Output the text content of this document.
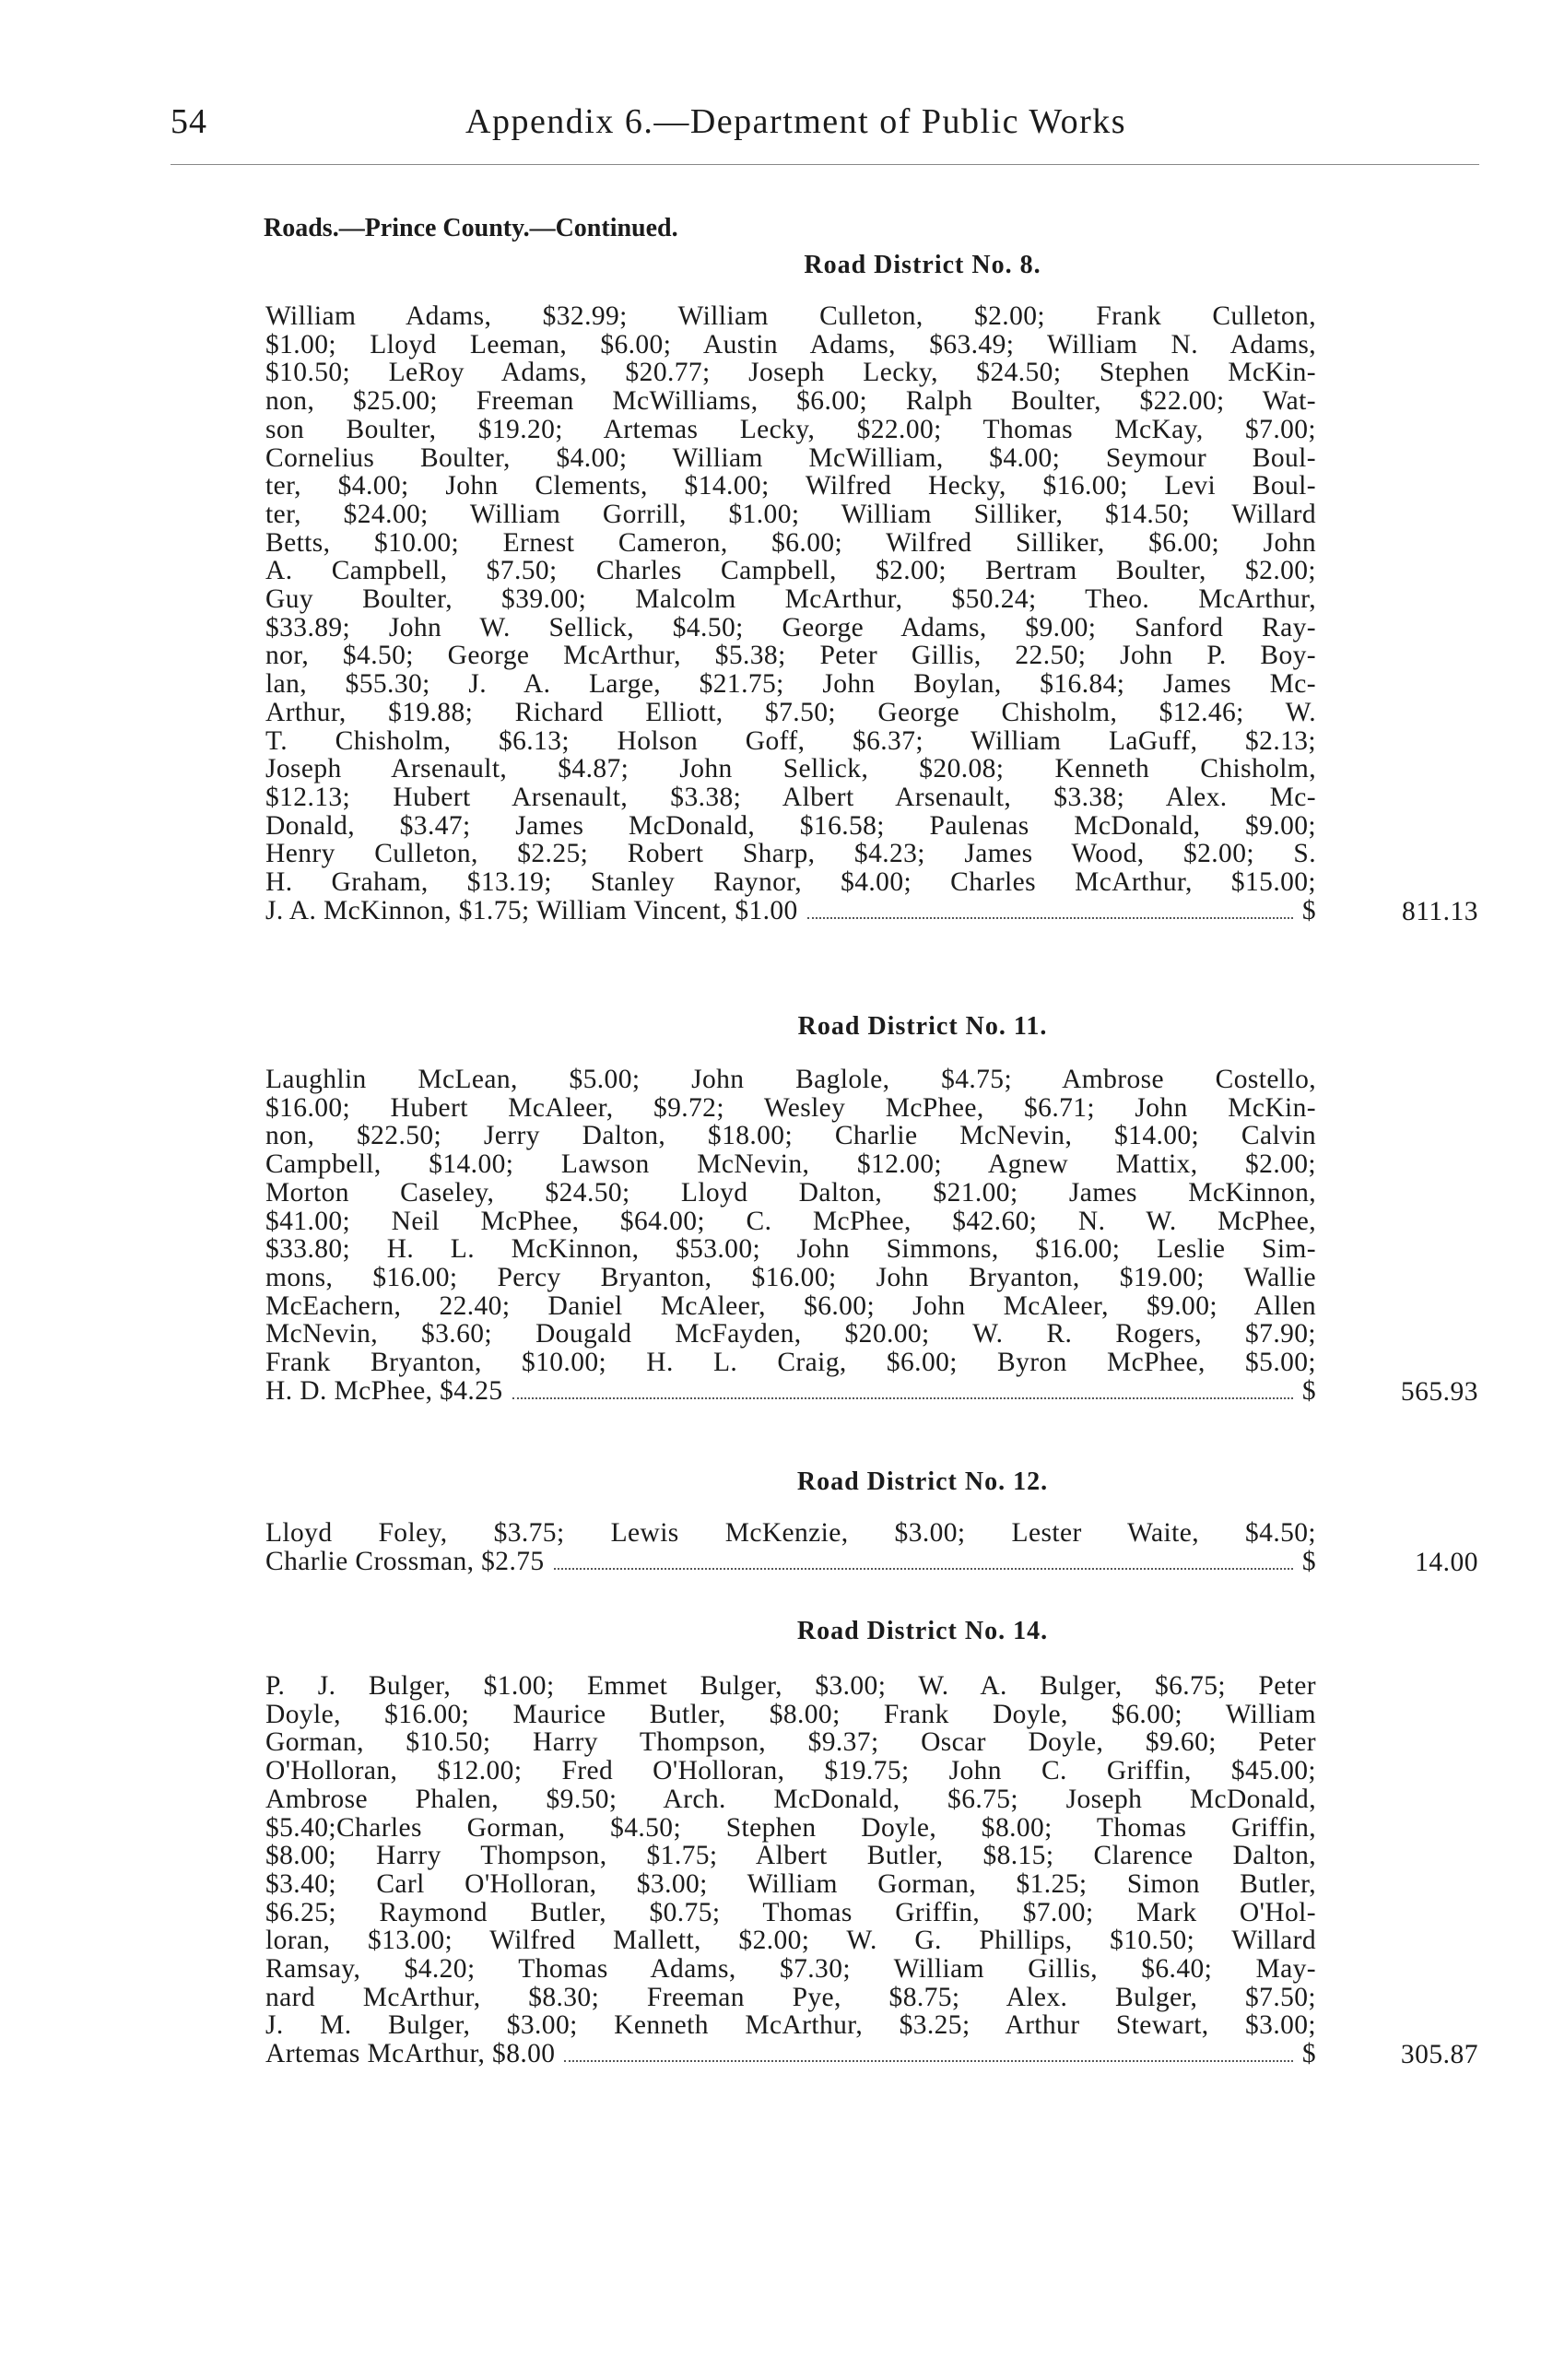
54	Appendix 6.—Department of Public Works
Roads.—Prince County.—Continued.
Road District No. 8.
William Adams, $32.99; William Culleton, $2.00; Frank Culleton,
$1.00; Lloyd Leeman, $6.00; Austin Adams, $63.49; William N. Adams,
$10.50; LeRoy Adams, $20.77; Joseph Lecky, $24.50; Stephen McKin-
non, $25.00; Freeman McWilliams, $6.00; Ralph Boulter, $22.00; Wat-
son Boulter, $19.20; Artemas Lecky, $22.00; Thomas McKay, $7.00;
Cornelius Boulter, $4.00; William McWilliam, $4.00; Seymour Boul-
ter, $4.00; John Clements, $14.00; Wilfred Hecky, $16.00; Levi Boul-
ter, $24.00; William Gorrill, $1.00; William Silliker, $14.50; Willard
Betts, $10.00; Ernest Cameron, $6.00; Wilfred Silliker, $6.00; John
A. Campbell, $7.50; Charles Campbell, $2.00; Bertram Boulter, $2.00;
Guy Boulter, $39.00; Malcolm McArthur, $50.24; Theo. McArthur,
$33.89; John W. Sellick, $4.50; George Adams, $9.00; Sanford Ray-
nor, $4.50; George McArthur, $5.38; Peter Gillis, 22.50; John P. Boy-
lan, $55.30; J. A. Large, $21.75; John Boylan, $16.84; James Mc-
Arthur, $19.88; Richard Elliott, $7.50; George Chisholm, $12.46; W.
T. Chisholm, $6.13; Holson Goff, $6.37; William LaGuff, $2.13;
Joseph Arsenault, $4.87; John Sellick, $20.08; Kenneth Chisholm,
$12.13; Hubert Arsenault, $3.38; Albert Arsenault, $3.38; Alex. Mc-
Donald, $3.47; James McDonald, $16.58; Paulenas McDonald, $9.00;
Henry Culleton, $2.25; Robert Sharp, $4.23; James Wood, $2.00; S.
H. Graham, $13.19; Stanley Raynor, $4.00; Charles McArthur, $15.00;
J. A. McKinnon, $1.75; William Vincent, $1.00	$	811.13
Road District No. 11.
Laughlin McLean, $5.00; John Baglole, $4.75; Ambrose Costello,
$16.00; Hubert McAleer, $9.72; Wesley McPhee, $6.71; John McKin-
non, $22.50; Jerry Dalton, $18.00; Charlie McNevin, $14.00; Calvin
Campbell, $14.00; Lawson McNevin, $12.00; Agnew Mattix, $2.00;
Morton Caseley, $24.50; Lloyd Dalton, $21.00; James McKinnon,
$41.00; Neil McPhee, $64.00; C. McPhee, $42.60; N. W. McPhee,
$33.80; H. L. McKinnon, $53.00; John Simmons, $16.00; Leslie Sim-
mons, $16.00; Percy Bryanton, $16.00; John Bryanton, $19.00; Wallie
McEachern, 22.40; Daniel McAleer, $6.00; John McAleer, $9.00; Allen
McNevin, $3.60; Dougald McFayden, $20.00; W. R. Rogers, $7.90;
Frank Bryanton, $10.00; H. L. Craig, $6.00; Byron McPhee, $5.00;
H. D. McPhee, $4.25	$	565.93
Road District No. 12.
Lloyd Foley, $3.75; Lewis McKenzie, $3.00; Lester Waite, $4.50;
Charlie Crossman, $2.75	$	14.00
Road District No. 14.
P. J. Bulger, $1.00; Emmet Bulger, $3.00; W. A. Bulger, $6.75; Peter
Doyle, $16.00; Maurice Butler, $8.00; Frank Doyle, $6.00; William
Gorman, $10.50; Harry Thompson, $9.37; Oscar Doyle, $9.60; Peter
O'Holloran, $12.00; Fred O'Holloran, $19.75; John C. Griffin, $45.00;
Ambrose Phalen, $9.50; Arch. McDonald, $6.75; Joseph McDonald,
$5.40;Charles Gorman, $4.50; Stephen Doyle, $8.00; Thomas Griffin,
$8.00; Harry Thompson, $1.75; Albert Butler, $8.15; Clarence Dalton,
$3.40; Carl O'Holloran, $3.00; William Gorman, $1.25; Simon Butler,
$6.25; Raymond Butler, $0.75; Thomas Griffin, $7.00; Mark O'Hol-
loran, $13.00; Wilfred Mallett, $2.00; W. G. Phillips, $10.50; Willard
Ramsay, $4.20; Thomas Adams, $7.30; William Gillis, $6.40; May-
nard McArthur, $8.30; Freeman Pye, $8.75; Alex. Bulger, $7.50;
J. M. Bulger, $3.00; Kenneth McArthur, $3.25; Arthur Stewart, $3.00;
Artemas McArthur, $8.00	$	305.87
